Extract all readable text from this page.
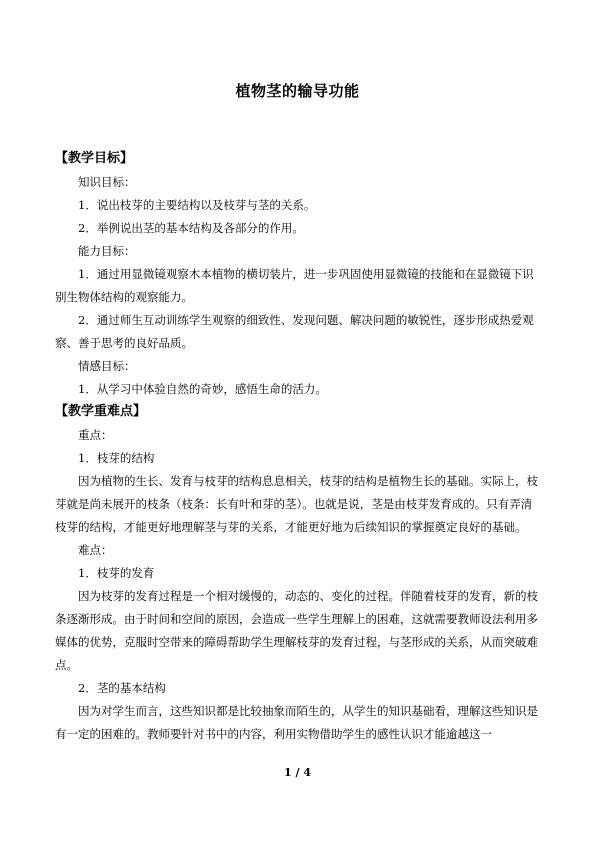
植物茎的输导功能
【教学目标】

知识目标：

1．说出枝芽的主要结构以及枝芽与茎的关系。

2．举例说出茎的基本结构及各部分的作用。

能力目标：

1．通过用显微镜观察木本植物的横切装片，进一步巩固使用显微镜的技能和在显微镜下识别生物体结构的观察能力。

2．通过师生互动训练学生观察的细致性、发现问题、解决问题的敏锐性，逐步形成热爱观察、善于思考的良好品质。

情感目标：

1．从学习中体验自然的奇妙，感悟生命的活力。

【教学重难点】

重点：

1．枝芽的结构

因为植物的生长、发育与枝芽的结构息息相关，枝芽的结构是植物生长的基础。实际上，枝芽就是尚未展开的枝条（枝条：长有叶和芽的茎）。也就是说，茎是由枝芽发育成的。只有弄清枝芽的结构，才能更好地理解茎与芽的关系，才能更好地为后续知识的掌握奠定良好的基础。

难点：

1．枝芽的发育

因为枝芽的发育过程是一个相对缓慢的，动态的、变化的过程。伴随着枝芽的发育，新的枝条逐渐形成。由于时间和空间的原因，会造成一些学生理解上的困难，这就需要教师设法利用多媒体的优势，克服时空带来的障碍帮助学生理解枝芽的发育过程，与茎形成的关系，从而突破难点。

2．茎的基本结构

因为对学生而言，这些知识都是比较抽象而陌生的，从学生的知识基础看，理解这些知识是有一定的困难的。教师要针对书中的内容，利用实物借助学生的感性认识才能逾越这一

1 / 4
